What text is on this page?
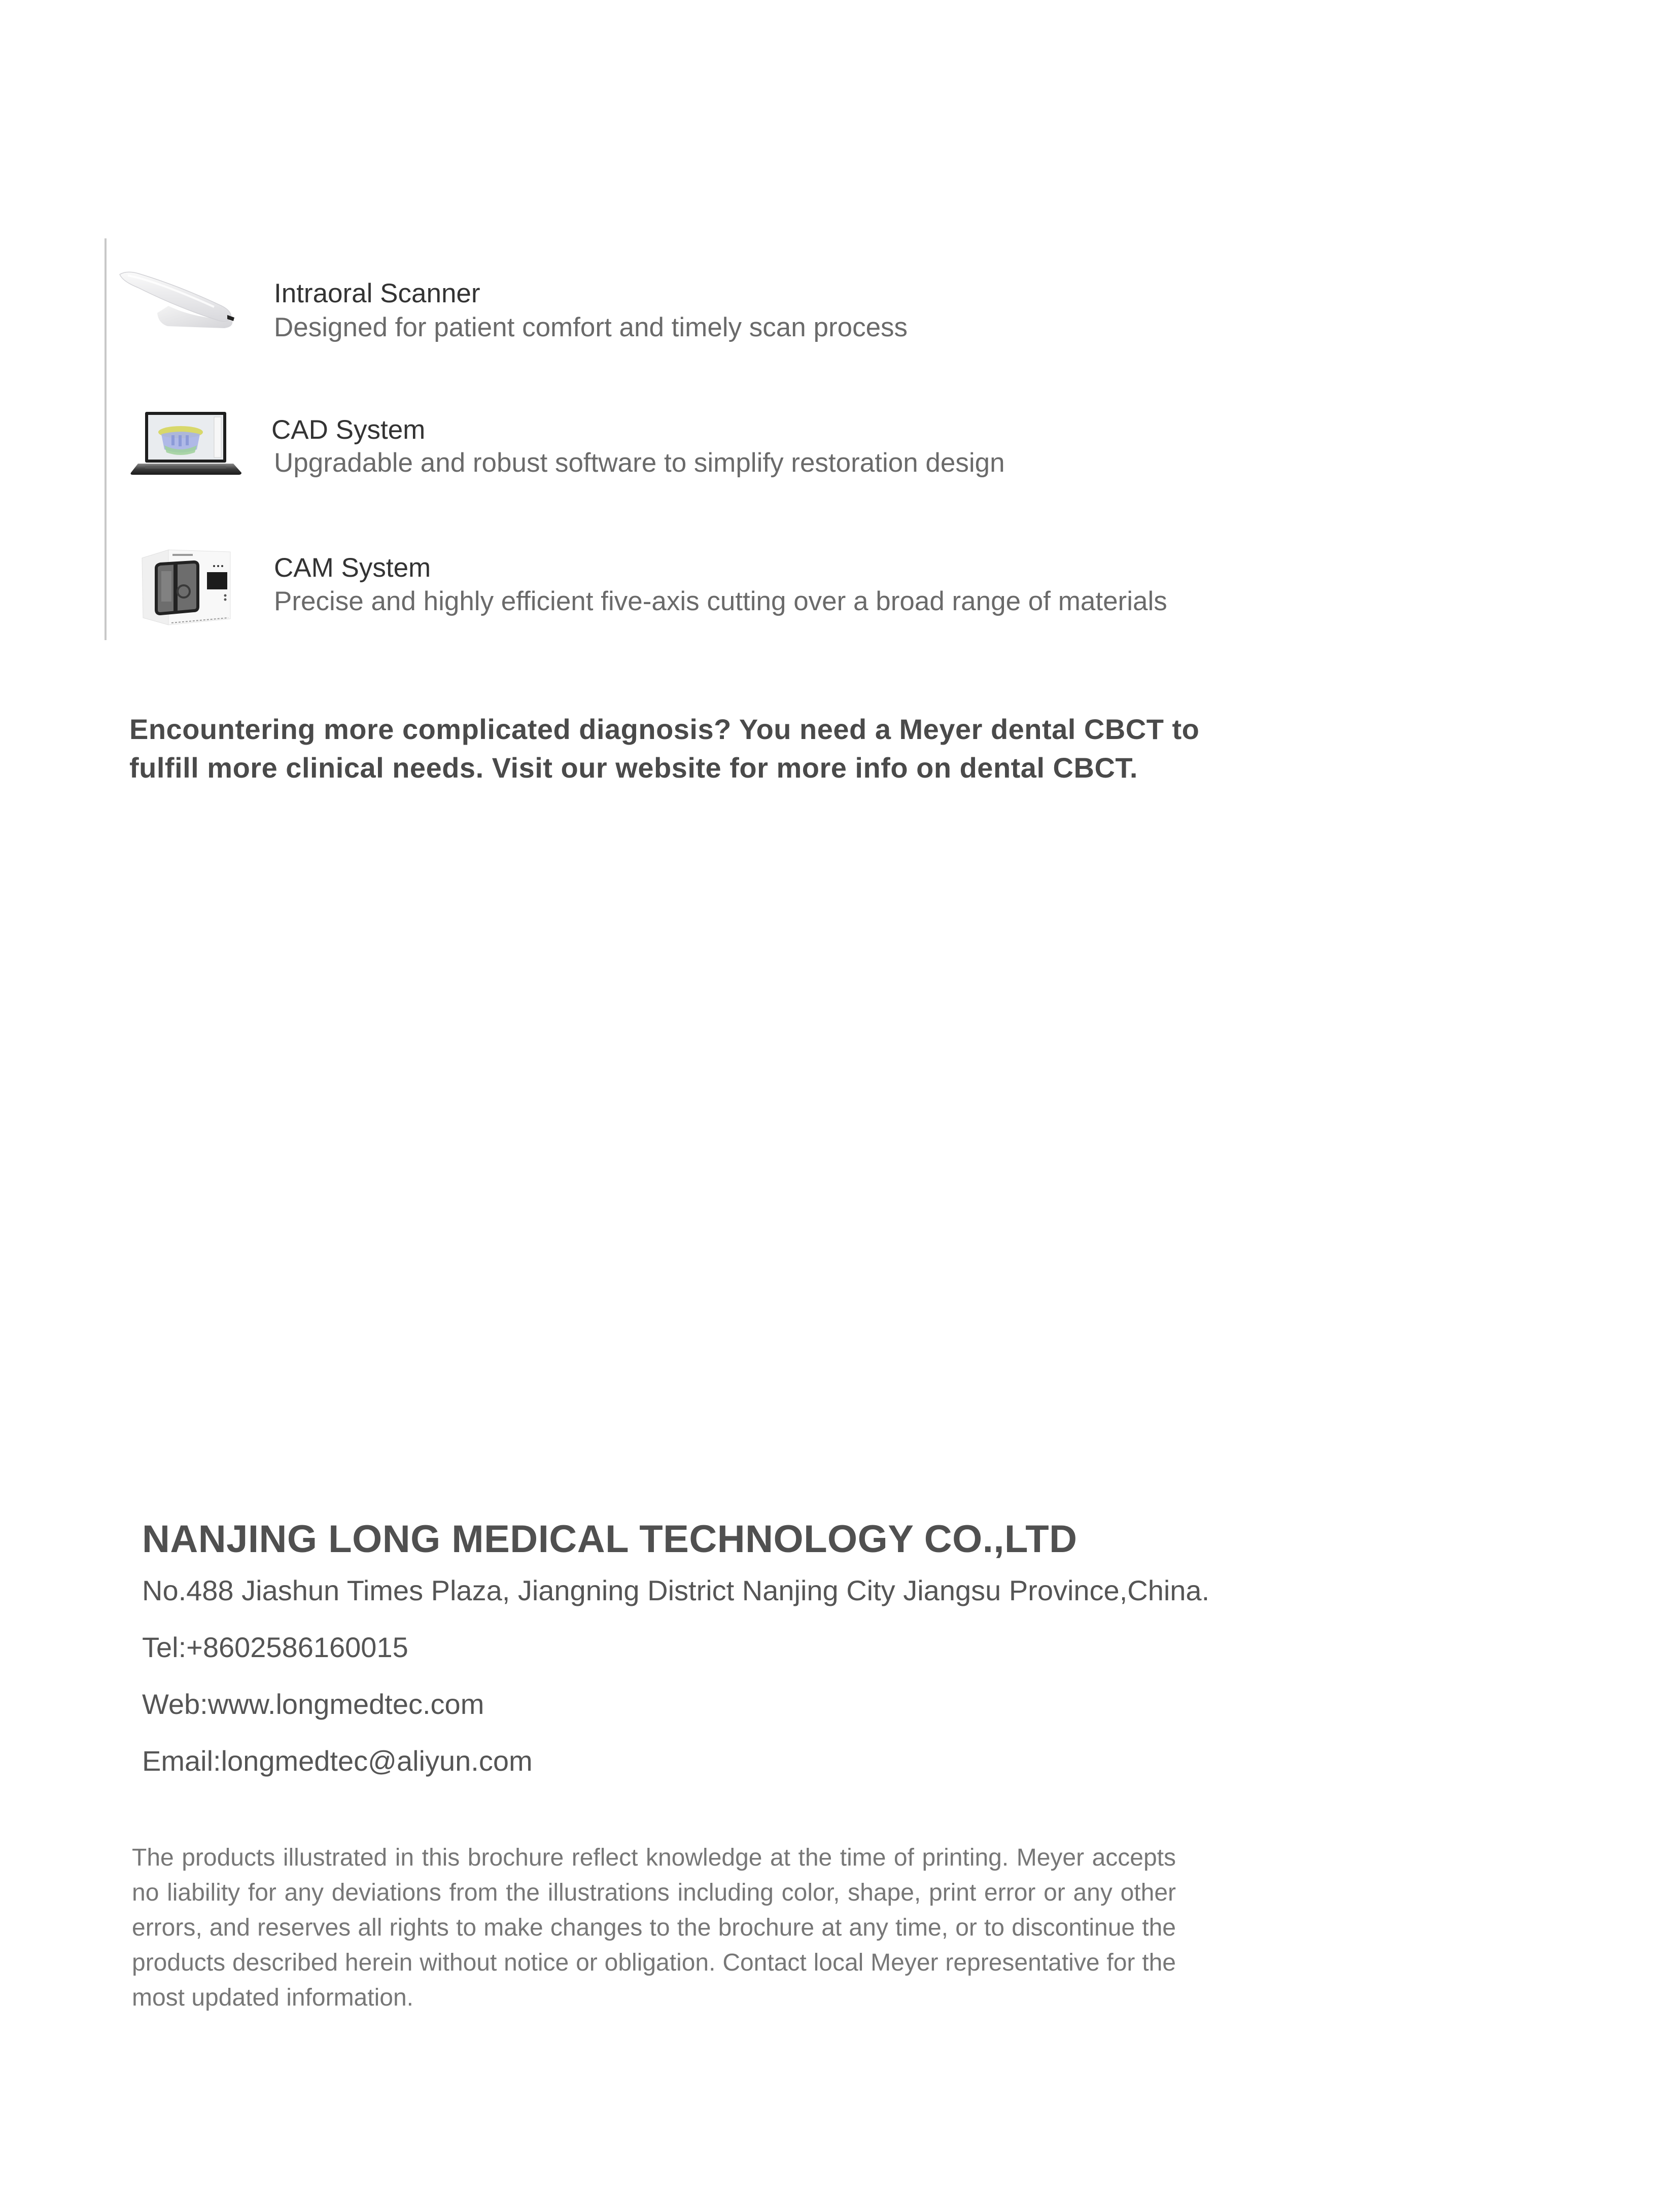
Intraoral Scanner
Designed for patient comfort and timely scan process
CAD System
Upgradable and robust software to simplify restoration design
CAM System
Precise and highly efficient five-axis cutting over a broad range of materials
Encountering more complicated diagnosis? You need a Meyer dental CBCT to
fulfill more clinical needs. Visit our website for more info on dental CBCT.
NANJING LONG MEDICAL TECHNOLOGY CO.,LTD
No.488 Jiashun Times Plaza, Jiangning District Nanjing City Jiangsu Province,China.
Tel:+8602586160015
Web:www.longmedtec.com
Email:longmedtec@aliyun.com

The products illustrated in this brochure reflect knowledge at the time of printing. Meyer accepts no liability for any deviations from the illustrations including color, shape, print error or any other errors, and reserves all rights to make changes to the brochure at any time, or to discontinue the products described herein without notice or obligation. Contact local Meyer representative for the most updated information.
